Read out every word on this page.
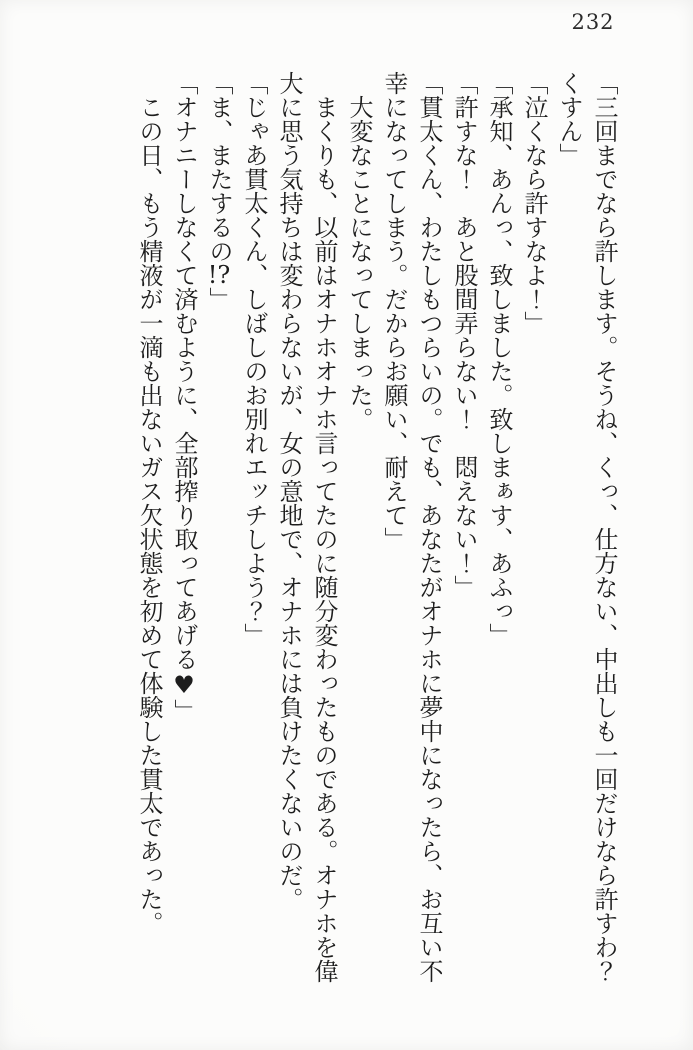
232

「三回までなら許します。そうね、くっ、仕方ない、中出しも一回だけなら許すわ？

くすん」

「泣くなら許すなよ！」

「承知、あんっ、致しました。致しまぁす、あふっ」

「許すな！　あと股間弄らない！　悶えない！」

「貫太くん、わたしもつらいの。でも、あなたがオナホに夢中になったら、お互い不

幸になってしまう。だからお願い、耐えて」

大変なことになってしまった。

まくりも、以前はオナホオナホ言ってたのに随分変わったものである。オナホを偉

大に思う気持ちは変わらないが、女の意地で、オナホには負けたくないのだ。

「じゃあ貫太くん、しばしのお別れエッチしよう？」

「ま、またするの!?」

「オナニーしなくて済むように、全部搾り取ってあげる♥」

この日、もう精液が一滴も出ないガス欠状態を初めて体験した貫太であった。
